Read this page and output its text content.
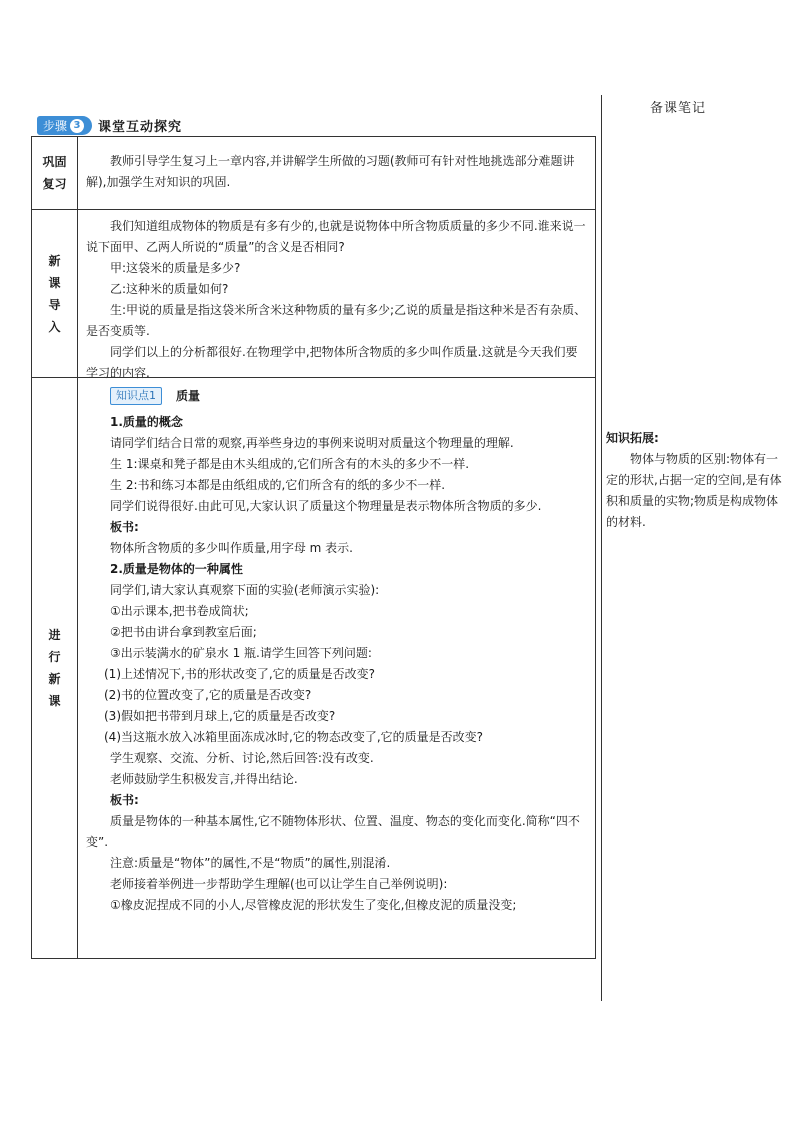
备课笔记
知识拓展:
物体与物质的区别:物体有一定的形状,占据一定的空间,是有体积和质量的实物;物质是构成物体的材料.
步骤 3 课堂互动探究
巩固
复习

教师引导学生复习上一章内容,并讲解学生所做的习题(教师可有针对性地挑选部分难题讲解),加强学生对知识的巩固.

新
课
导
入

我们知道组成物体的物质是有多有少的,也就是说物体中所含物质质量的多少不同.谁来说一说下面甲、乙两人所说的“质量”的含义是否相同?

甲:这袋米的质量是多少?

乙:这种米的质量如何?

生:甲说的质量是指这袋米所含米这种物质的量有多少;乙说的质量是指这种米是否有杂质、是否变质等.

同学们以上的分析都很好.在物理学中,把物体所含物质的多少叫作质量.这就是今天我们要学习的内容.

进
行
新
课
知识点1	质量

1.质量的概念

请同学们结合日常的观察,再举些身边的事例来说明对质量这个物理量的理解.

生 1:课桌和凳子都是由木头组成的,它们所含有的木头的多少不一样.

生 2:书和练习本都是由纸组成的,它们所含有的纸的多少不一样.

同学们说得很好.由此可见,大家认识了质量这个物理量是表示物体所含物质的多少.

板书:

物体所含物质的多少叫作质量,用字母 m 表示.

2.质量是物体的一种属性

同学们,请大家认真观察下面的实验(老师演示实验):

①出示课本,把书卷成筒状;

②把书由讲台拿到教室后面;

③出示装满水的矿泉水 1 瓶.请学生回答下列问题:

(1)上述情况下,书的形状改变了,它的质量是否改变?

(2)书的位置改变了,它的质量是否改变?

(3)假如把书带到月球上,它的质量是否改变?

(4)当这瓶水放入冰箱里面冻成冰时,它的物态改变了,它的质量是否改变?

学生观察、交流、分析、讨论,然后回答:没有改变.

老师鼓励学生积极发言,并得出结论.

板书:

质量是物体的一种基本属性,它不随物体形状、位置、温度、物态的变化而变化.简称“四不变”.

注意:质量是“物体”的属性,不是“物质”的属性,别混淆.

老师接着举例进一步帮助学生理解(也可以让学生自己举例说明):

①橡皮泥捏成不同的小人,尽管橡皮泥的形状发生了变化,但橡皮泥的质量没变;
